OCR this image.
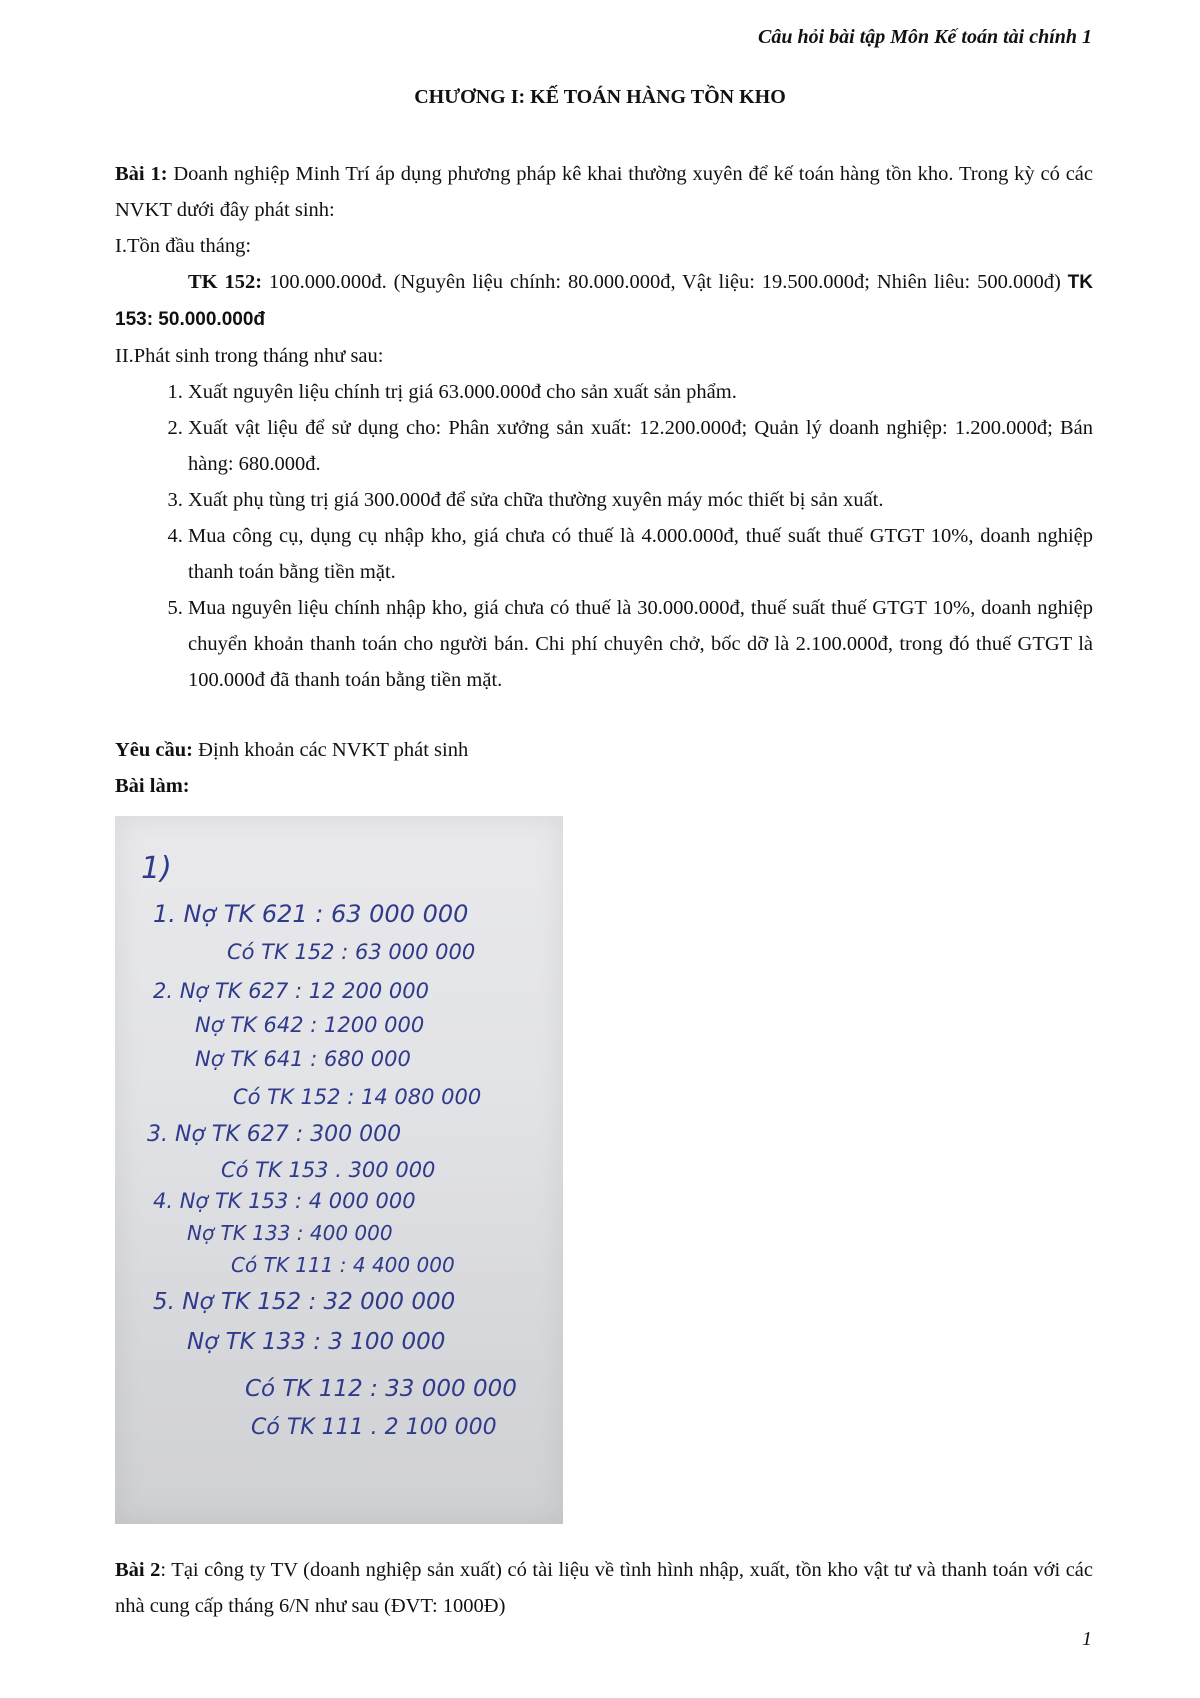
Câu hỏi bài tập Môn Kế toán tài chính 1
CHƯƠNG I: KẾ TOÁN HÀNG TỒN KHO

Bài 1: Doanh nghiệp Minh Trí áp dụng phương pháp kê khai thường xuyên để kế toán hàng tồn kho. Trong kỳ có các NVKT dưới đây phát sinh:

I.Tồn đầu tháng:

TK 152: 100.000.000đ. (Nguyên liệu chính: 80.000.000đ, Vật liệu: 19.500.000đ; Nhiên liêu: 500.000đ) TK 153: 50.000.000đ

II.Phát sinh trong tháng như sau:

1. Xuất nguyên liệu chính trị giá 63.000.000đ cho sản xuất sản phẩm.
2. Xuất vật liệu để sử dụng cho: Phân xưởng sản xuất: 12.200.000đ; Quản lý doanh nghiệp: 1.200.000đ; Bán hàng: 680.000đ.
3. Xuất phụ tùng trị giá 300.000đ để sửa chữa thường xuyên máy móc thiết bị sản xuất.
4. Mua công cụ, dụng cụ nhập kho, giá chưa có thuế là 4.000.000đ, thuế suất thuế GTGT 10%, doanh nghiệp thanh toán bằng tiền mặt.
5. Mua nguyên liệu chính nhập kho, giá chưa có thuế là 30.000.000đ, thuế suất thuế GTGT 10%, doanh nghiệp chuyển khoản thanh toán cho người bán. Chi phí chuyên chở, bốc dỡ là 2.100.000đ, trong đó thuế GTGT là 100.000đ đã thanh toán bằng tiền mặt.

Yêu cầu: Định khoản các NVKT phát sinh

Bài làm:

1)
1. Nợ TK 621 : 63 000 000
Có TK 152 : 63 000 000
2. Nợ TK 627 : 12 200 000
Nợ TK 642 : 1200 000
Nợ TK 641 : 680 000
Có TK 152 : 14 080 000
3. Nợ TK 627 : 300 000
Có TK 153 . 300 000
4. Nợ TK 153 : 4 000 000
Nợ TK 133 : 400 000
Có TK 111 : 4 400 000
5. Nợ TK 152 : 32 000 000
Nợ TK 133 : 3 100 000
Có TK 112 : 33 000 000
Có TK 111 . 2 100 000

Bài 2: Tại công ty TV (doanh nghiệp sản xuất) có tài liệu về tình hình nhập, xuất, tồn kho vật tư và thanh toán với các nhà cung cấp tháng 6/N như sau (ĐVT: 1000Đ)

1
